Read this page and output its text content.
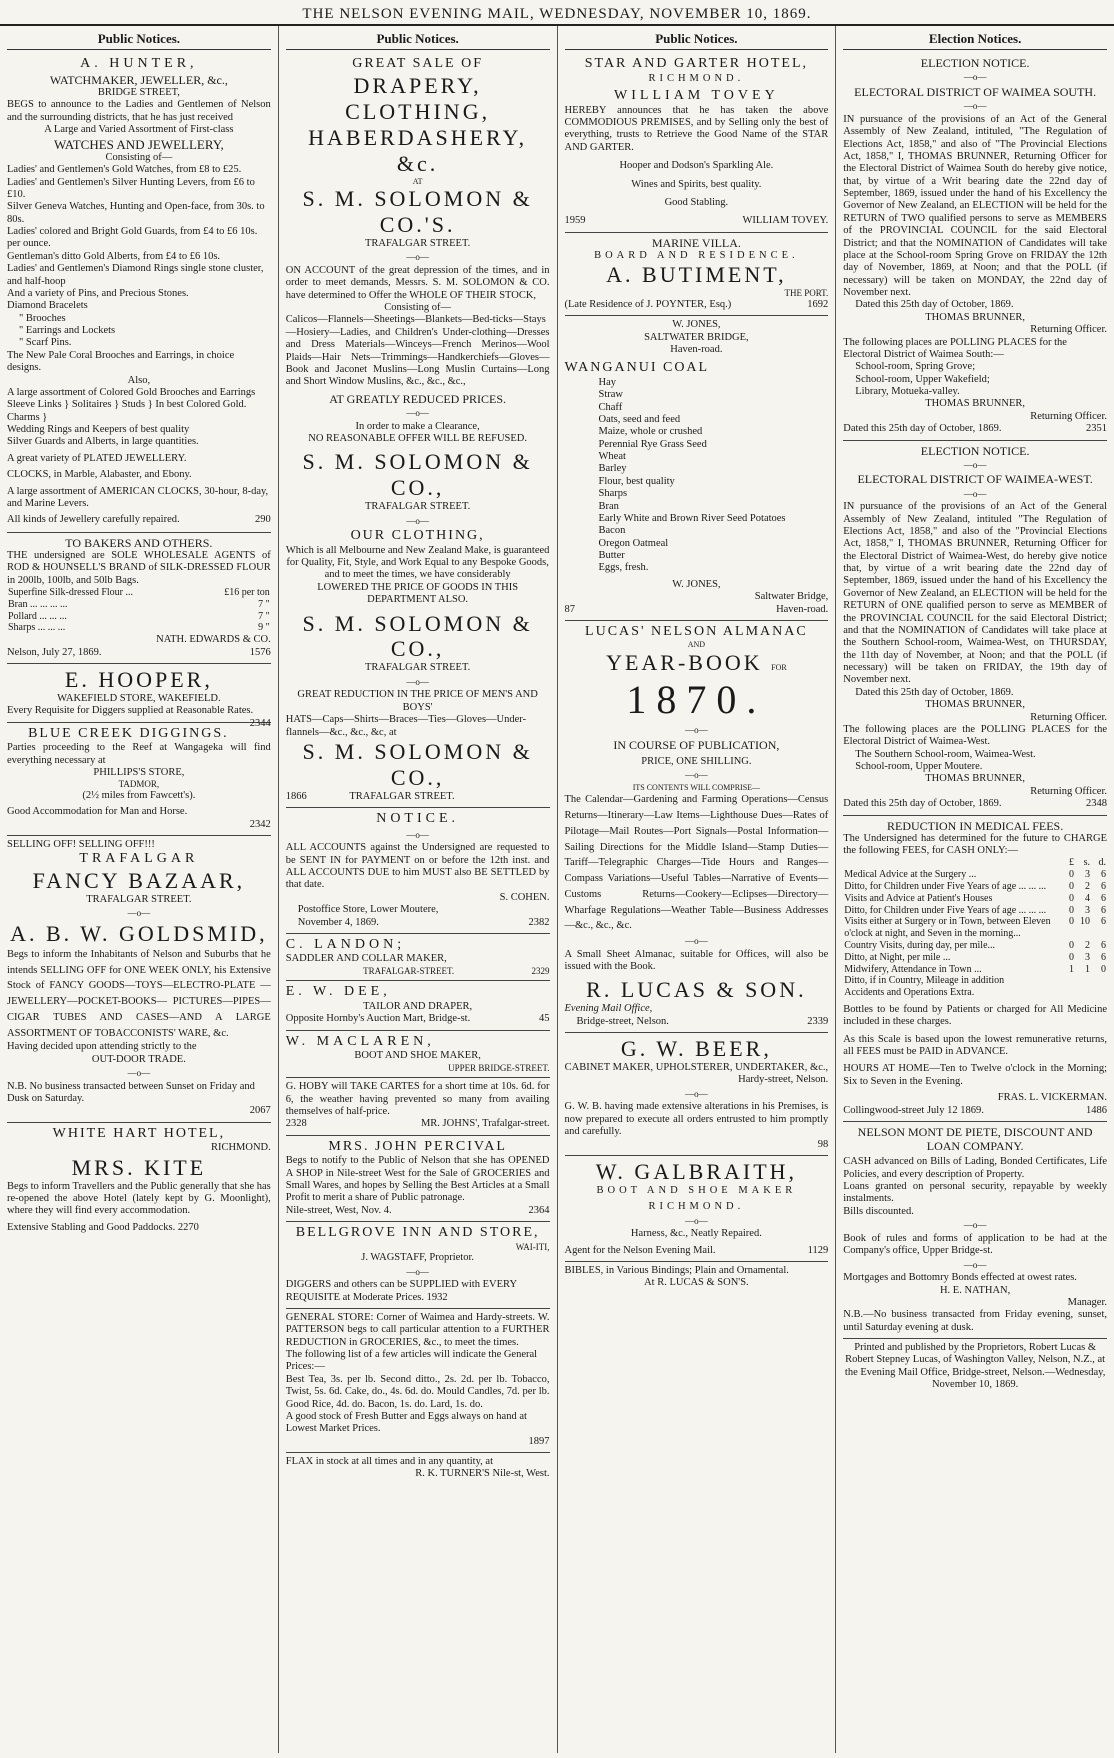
THE NELSON EVENING MAIL, WEDNESDAY, NOVEMBER 10, 1869.
Public Notices.
A. HUNTER,
WATCHMAKER, JEWELLER, &c.,
BRIDGE STREET,
BEGS to announce to the Ladies and Gentlemen of Nelson and the surrounding districts, that he has just received
A Large and Varied Assortment of First-class
WATCHES AND JEWELLERY,
Consisting of—
Ladies' and Gentlemen's Gold Watches, from £8 to £25.
Ladies' and Gentlemen's Silver Hunting Levers, from £6 to £10.
Silver Geneva Watches, Hunting and Open-face, from 30s. to 80s.
Ladies' colored and Bright Gold Guards, from £4 to £6 10s. per ounce.
Gentleman's ditto Gold Alberts, from £4 to £6 10s.
Ladies' and Gentlemen's Diamond Rings single stone cluster, and half-hoop
And a variety of Pins, and Precious Stones.
Diamond Bracelets
" Brooches
" Earrings and Lockets
" Scarf Pins.
The New Pale Coral Brooches and Earrings, in choice designs.
Also,
A large assortment of Colored Gold Brooches and Earrings
Sleeve Links } Solitaires } Studs } In best Colored Gold. Charms }
Wedding Rings and Keepers of best quality
Silver Guards and Alberts, in large quantities.
A great variety of PLATED JEWELLERY.
CLOCKS, in Marble, Alabaster, and Ebony.
A large assortment of AMERICAN CLOCKS, 30-hour, 8-day, and Marine Levers.
All kinds of Jewellery carefully repaired.	290
TO BAKERS AND OTHERS.
THE undersigned are SOLE WHOLESALE AGENTS of ROD & HOUNSELL'S BRAND of SILK-DRESSED FLOUR in 200lb, 100lb, and 50lb Bags.
Superfine Silk-dressed Flour ...	£16 per ton
Bran ... ... ... ...	7 "
Pollard ... ... ...	7 "
Sharps ... ... ...	9 "
NATH. EDWARDS & CO.
Nelson, July 27, 1869.	1576
E. HOOPER,
WAKEFIELD STORE, WAKEFIELD.
Every Requisite for Diggers supplied at Reasonable Rates.
2344
BLUE CREEK DIGGINGS.
Parties proceeding to the Reef at Wangageka will find everything necessary at
PHILLIPS'S STORE,
TADMOR,
(2½ miles from Fawcett's).
Good Accommodation for Man and Horse.
2342
SELLING OFF! SELLING OFF!!!
TRAFALGAR
FANCY BAZAAR,
TRAFALGAR STREET.
—o—
A. B. W. GOLDSMID,
Begs to inform the Inhabitants of Nelson and Suburbs that he intends SELLING OFF for ONE WEEK ONLY, his Extensive Stock of FANCY GOODS—TOYS—ELECTRO-PLATE —JEWELLERY—POCKET-BOOKS— PICTURES—PIPES—CIGAR TUBES AND CASES—AND A LARGE ASSORTMENT OF TOBACCONISTS' WARE, &c.
Having decided upon attending strictly to the
OUT-DOOR TRADE.
—o—
N.B. No business transacted between Sunset on Friday and Dusk on Saturday.
2067
WHITE HART HOTEL,
RICHMOND.
MRS. KITE
Begs to inform Travellers and the Public generally that she has re-opened the above Hotel (lately kept by G. Moonlight), where they will find every accommodation.
Extensive Stabling and Good Paddocks. 2270
Public Notices.
GREAT SALE OF
DRAPERY, CLOTHING,
HABERDASHERY, &c.
AT
S. M. SOLOMON & CO.'S.
TRAFALGAR STREET.
—o—
ON ACCOUNT of the great depression of the times, and in order to meet demands, Messrs. S. M. SOLOMON & CO. have determined to Offer the WHOLE OF THEIR STOCK,
Consisting of—
Calicos—Flannels—Sheetings—Blankets—Bed-ticks—Stays—Hosiery—Ladies, and Children's Under-clothing—Dresses and Dress Materials—Winceys—French Merinos—Wool Plaids—Hair Nets—Trimmings—Handkerchiefs—Gloves—Book and Jaconet Muslins—Long Muslin Curtains—Long and Short Window Muslins, &c., &c., &c.,
AT GREATLY REDUCED PRICES.
—o—
In order to make a Clearance,
NO REASONABLE OFFER WILL BE REFUSED.
S. M. SOLOMON & CO.,
TRAFALGAR STREET.
—o—
OUR CLOTHING,
Which is all Melbourne and New Zealand Make, is guaranteed for Quality, Fit, Style, and Work Equal to any Bespoke Goods, and to meet the times, we have considerably
LOWERED THE PRICE OF GOODS IN THIS DEPARTMENT ALSO.
S. M. SOLOMON & CO.,
TRAFALGAR STREET.
—o—
GREAT REDUCTION IN THE PRICE OF MEN'S AND BOYS'
HATS—Caps—Shirts—Braces—Ties—Gloves—Under-flannels—&c., &c., &c, at
S. M. SOLOMON & CO.,
1866	TRAFALGAR STREET.
NOTICE.
—o—
ALL ACCOUNTS against the Undersigned are requested to be SENT IN for PAYMENT on or before the 12th inst. and ALL ACCOUNTS DUE to him MUST also BE SETTLED by that date.
S. COHEN.
Postoffice Store, Lower Moutere,
November 4, 1869.	2382
C. LANDON;
SADDLER AND COLLAR MAKER,
TRAFALGAR-STREET.	2329
E. W. DEE,
TAILOR AND DRAPER,
Opposite Hornby's Auction Mart, Bridge-st.	45
W. MACLAREN,
BOOT AND SHOE MAKER,
UPPER BRIDGE-STREET.
G. HOBY will TAKE CARTES for a short time at 10s. 6d. for 6, the weather having prevented so many from availing themselves of half-price.
2328	MR. JOHNS', Trafalgar-street.
MRS. JOHN PERCIVAL
Begs to notify to the Public of Nelson that she has OPENED A SHOP in Nile-street West for the Sale of GROCERIES and Small Wares, and hopes by Selling the Best Articles at a Small Profit to merit a share of Public patronage.
Nile-street, West, Nov. 4.	2364
BELLGROVE INN AND STORE,
WAI-ITI,
J. WAGSTAFF, Proprietor.
—o—
DIGGERS and others can be SUPPLIED with EVERY REQUISITE at Moderate Prices. 1932
GENERAL STORE: Corner of Waimea and Hardy-streets. W. PATTERSON begs to call particular attention to a FURTHER REDUCTION in GROCERIES, &c., to meet the times.
The following list of a few articles will indicate the General Prices:—
Best Tea, 3s. per lb. Second ditto., 2s. 2d. per lb. Tobacco, Twist, 5s. 6d. Cake, do., 4s. 6d. do. Mould Candles, 7d. per lb. Good Rice, 4d. do. Bacon, 1s. do. Lard, 1s. do.
A good stock of Fresh Butter and Eggs always on hand at Lowest Market Prices.
1897
FLAX in stock at all times and in any quantity, at
R. K. TURNER'S Nile-st, West.
Public Notices.
STAR AND GARTER HOTEL,
RICHMOND.
WILLIAM TOVEY
HEREBY announces that he has taken the above COMMODIOUS PREMISES, and by Selling only the best of everything, trusts to Retrieve the Good Name of the STAR AND GARTER.
Hooper and Dodson's Sparkling Ale.
Wines and Spirits, best quality.
Good Stabling.
1959	WILLIAM TOVEY.
MARINE VILLA.
BOARD AND RESIDENCE.
A. BUTIMENT,
THE PORT.
(Late Residence of J. POYNTER, Esq.)	1692
W. JONES,
SALTWATER BRIDGE,
Haven-road.
WANGANUI COAL
Hay
Straw
Chaff
Oats, seed and feed
Maize, whole or crushed
Perennial Rye Grass Seed
Wheat
Barley
Flour, best quality
Sharps
Bran
Early White and Brown River Seed Potatoes
Bacon
Oregon Oatmeal
Butter
Eggs, fresh.
W. JONES,
Saltwater Bridge,
87	Haven-road.
LUCAS' NELSON ALMANAC
AND
YEAR-BOOK FOR
1870.
—o—
IN COURSE OF PUBLICATION,
PRICE, ONE SHILLING.
—o—
ITS CONTENTS WILL COMPRISE—
The Calendar—Gardening and Farming Operations—Census Returns—Itinerary—Law Items—Lighthouse Dues—Rates of Pilotage—Mail Routes—Port Signals—Postal Information—Sailing Directions for the Middle Island—Stamp Duties—Tariff—Telegraphic Charges—Tide Hours and Ranges—Compass Variations—Useful Tables—Narrative of Events—Customs Returns—Cookery—Eclipses—Directory—Wharfage Regulations—Weather Table—Business Addresses—&c., &c., &c.
—o—
A Small Sheet Almanac, suitable for Offices, will also be issued with the Book.
R. LUCAS & SON.
Evening Mail Office,
Bridge-street, Nelson.	2339
G. W. BEER,
CABINET MAKER, UPHOLSTERER, UNDERTAKER, &c.,
Hardy-street, Nelson.
—o—
G. W. B. having made extensive alterations in his Premises, is now prepared to execute all orders entrusted to him promptly and carefully.
98
W. GALBRAITH,
BOOT AND SHOE MAKER
RICHMOND.
—o—
Harness, &c., Neatly Repaired.
Agent for the Nelson Evening Mail.	1129
BIBLES, in Various Bindings; Plain and Ornamental.
At R. LUCAS & SON'S.
Election Notices.
ELECTION NOTICE.
—o—
ELECTORAL DISTRICT OF WAIMEA SOUTH.
—o—
IN pursuance of the provisions of an Act of the General Assembly of New Zealand, intituled, "The Regulation of Elections Act, 1858," and also of "The Provincial Elections Act, 1858," I, THOMAS BRUNNER, Returning Officer for the Electoral District of Waimea South do hereby give notice, that, by virtue of a Writ bearing date the 22nd day of September, 1869, issued under the hand of his Excellency the Governor of New Zealand, an ELECTION will be held for the RETURN of TWO qualified persons to serve as MEMBERS of the PROVINCIAL COUNCIL for the said Electoral District; and that the NOMINATION of Candidates will take place at the School-room Spring Grove on FRIDAY the 12th day of November, 1869, at Noon; and that the POLL (if necessary) will be taken on MONDAY, the 22nd day of November next.
Dated this 25th day of October, 1869.
THOMAS BRUNNER,
Returning Officer.
The following places are POLLING PLACES for the Electoral District of Waimea South:—
School-room, Spring Grove;
School-room, Upper Wakefield;
Library, Motueka-valley.
THOMAS BRUNNER,
Returning Officer.
Dated this 25th day of October, 1869.	2351
ELECTION NOTICE.
—o—
ELECTORAL DISTRICT OF WAIMEA-WEST.
—o—
IN pursuance of the provisions of an Act of the General Assembly of New Zealand, intituled "The Regulation of Elections Act, 1858," and also of the "Provincial Elections Act, 1858," I, THOMAS BRUNNER, Returning Officer for the Electoral District of Waimea-West, do hereby give notice that, by virtue of a writ bearing date the 22nd day of September, 1869, issued under the hand of his Excellency the Governor of New Zealand, an ELECTION will be held for the RETURN of ONE qualified person to serve as MEMBER of the PROVINCIAL COUNCIL for the said Electoral District; and that the NOMINATION of Candidates will take place at the Southern School-room, Waimea-West, on THURSDAY, the 11th day of November, at Noon; and that the POLL (if necessary) will be taken on FRIDAY, the 19th day of November next.
Dated this 25th day of October, 1869.
THOMAS BRUNNER,
Returning Officer.
The following places are the POLLING PLACES for the Electoral District of Waimea-West.
The Southern School-room, Waimea-West.
School-room, Upper Moutere.
THOMAS BRUNNER,
Returning Officer.
Dated this 25th day of October, 1869.	2348
REDUCTION IN MEDICAL FEES.
The Undersigned has determined for the future to CHARGE the following FEES, for CASH ONLY:—
	£	s.	d.
Medical Advice at the Surgery ...	0	3	6
Ditto, for Children under Five Years of age ... ... ...	0	2	6
Visits and Advice at Patient's Houses	0	4	6
Ditto, for Children under Five Years of age ... ... ...	0	3	6
Visits either at Surgery or in Town, between Eleven o'clock at night, and Seven in the morning...	0	10	6
Country Visits, during day, per mile...	0	2	6
Ditto, at Night, per mile ...	0	3	6
Midwifery, Attendance in Town ...	1	1	0
Ditto, if in Country, Mileage in addition			
Accidents and Operations Extra.			
Bottles to be found by Patients or charged for All Medicine included in these charges.
As this Scale is based upon the lowest remunerative returns, all FEES must be PAID in ADVANCE.
HOURS AT HOME—Ten to Twelve o'clock in the Morning; Six to Seven in the Evening.
FRAS. L. VICKERMAN.
Collingwood-street July 12 1869.	1486
NELSON MONT DE PIETE, DISCOUNT AND LOAN COMPANY.
CASH advanced on Bills of Lading, Bonded Certificates, Life Policies, and every description of Property.
Loans granted on personal security, repayable by weekly instalments.
Bills discounted.
—o—
Book of rules and forms of application to be had at the Company's office, Upper Bridge-st.
—o—
Mortgages and Bottomry Bonds effected at owest rates.
H. E. NATHAN,
Manager.
N.B.—No business transacted from Friday evening, sunset, until Saturday evening at dusk.
Printed and published by the Proprietors, Robert Lucas & Robert Stepney Lucas, of Washington Valley, Nelson, N.Z., at the Evening Mail Office, Bridge-street, Nelson.—Wednesday, November 10, 1869.
